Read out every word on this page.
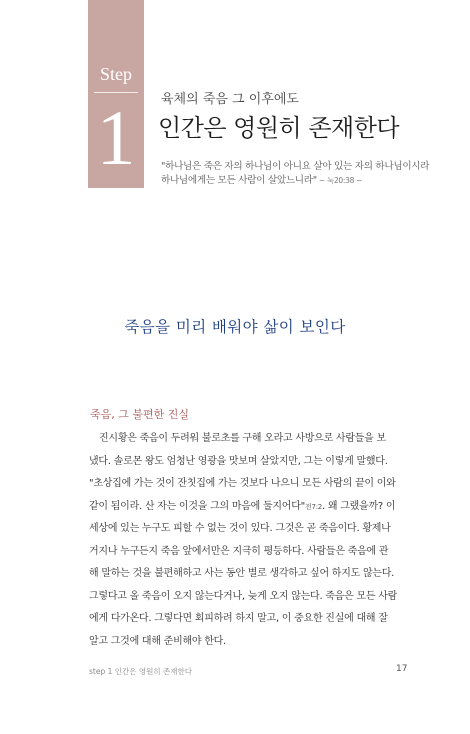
Step
1	육체의 죽음 그 이후에도
인간은 영원히 존재한다
"하나님은 죽은 자의 하나님이 아니요 살아 있는 자의 하나님이시라
하나님에게는 모든 사람이 살았느니라" ~ 눅20:38 ~
죽음을 미리 배워야 삶이 보인다
죽음, 그 불편한 진실
진시황은 죽음이 두려워 불로초를 구해 오라고 사방으로 사람들을 보
냈다. 솔로몬 왕도 엄청난 영광을 맛보며 살았지만, 그는 이렇게 말했다.
"초상집에 가는 것이 잔칫집에 가는 것보다 나으니 모든 사람의 끝이 이와
같이 됨이라. 산 자는 이것을 그의 마음에 둘지어다"전7:2. 왜 그랬을까? 이
세상에 있는 누구도 피할 수 없는 것이 있다. 그것은 곧 죽음이다. 황제나
거지나 누구든지 죽음 앞에서만은 지극히 평등하다. 사람들은 죽음에 관
해 말하는 것을 불편해하고 사는 동안 별로 생각하고 싶어 하지도 않는다.
그렇다고 올 죽음이 오지 않는다거나, 늦게 오지 않는다. 죽음은 모든 사람
에게 다가온다. 그렇다면 회피하려 하지 말고, 이 중요한 진실에 대해 잘
알고 그것에 대해 준비해야 한다.
step 1 인간은 영원히 존재한다	17
